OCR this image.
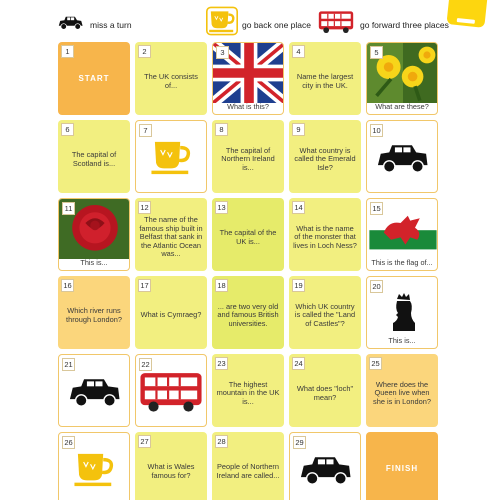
miss a turn	go back one place	go forward three places
1
START
2
The UK consists of...
3
What is this?
4
Name the largest city in the UK.
5
What are these?
6
The capital of Scotland is...
7	8
The capital of Northern Ireland is...
9
What country is called the Emerald Isle?
10
11
This is...
12
The name of the famous ship built in Belfast that sank in the Atlantic Ocean was...
13
The capital of the UK is...
14
What is the name of the monster that lives in Loch Ness?
15
This is the flag of...
16
Which river runs through London?
17
What is Cymraeg?
18
... are two very old and famous British universities.
19
Which UK country is called the "Land of Castles"?
20
This is...
21	22	23
The highest mountain in the UK is...
24
What does "loch" mean?
25
Where does the Queen live when she is in London?
26	27
What is Wales famous for?
28
People of Northern Ireland are called...
29
FINISH
